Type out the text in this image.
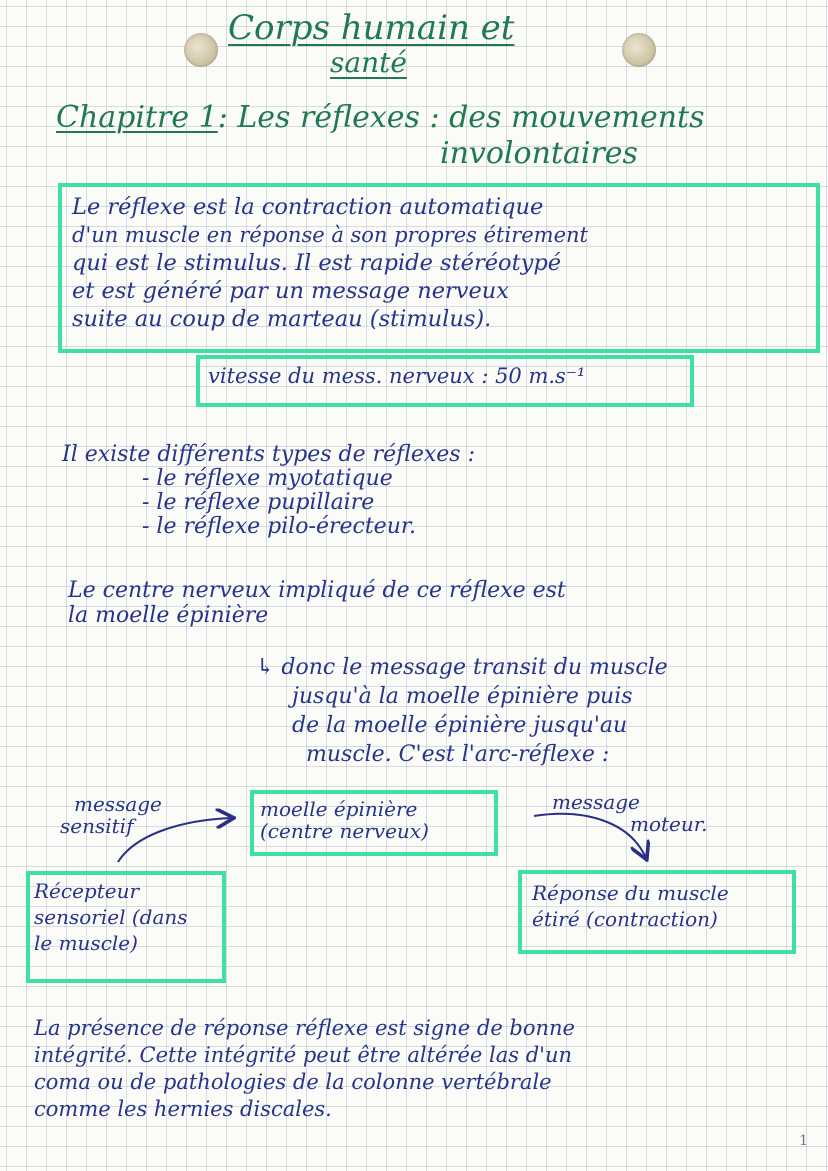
Corps humain et
santé
Chapitre 1: Les réflexes : des mouvements
involontaires
Le réflexe est la contraction automatique
d'un muscle en réponse à son propres étirement
qui est le stimulus. Il est rapide stéréotypé
et est généré par un message nerveux
suite au coup de marteau (stimulus).
vitesse du mess. nerveux : 50 m.s⁻¹
Il existe différents types de réflexes :
- le réflexe myotatique
- le réflexe pupillaire
- le réflexe pilo-érecteur.
Le centre nerveux impliqué de ce réflexe est
la moelle épinière
↳ donc le message transit du muscle
jusqu'à la moelle épinière puis
de la moelle épinière jusqu'au
muscle. C'est l'arc-réflexe :
message
sensitif
moelle épinière
(centre nerveux)
message
moteur.
Récepteur
sensoriel (dans
le muscle)
Réponse du muscle
étiré (contraction)
La présence de réponse réflexe est signe de bonne
intégrité. Cette intégrité peut être altérée las d'un
coma ou de pathologies de la colonne vertébrale
comme les hernies discales.
1
